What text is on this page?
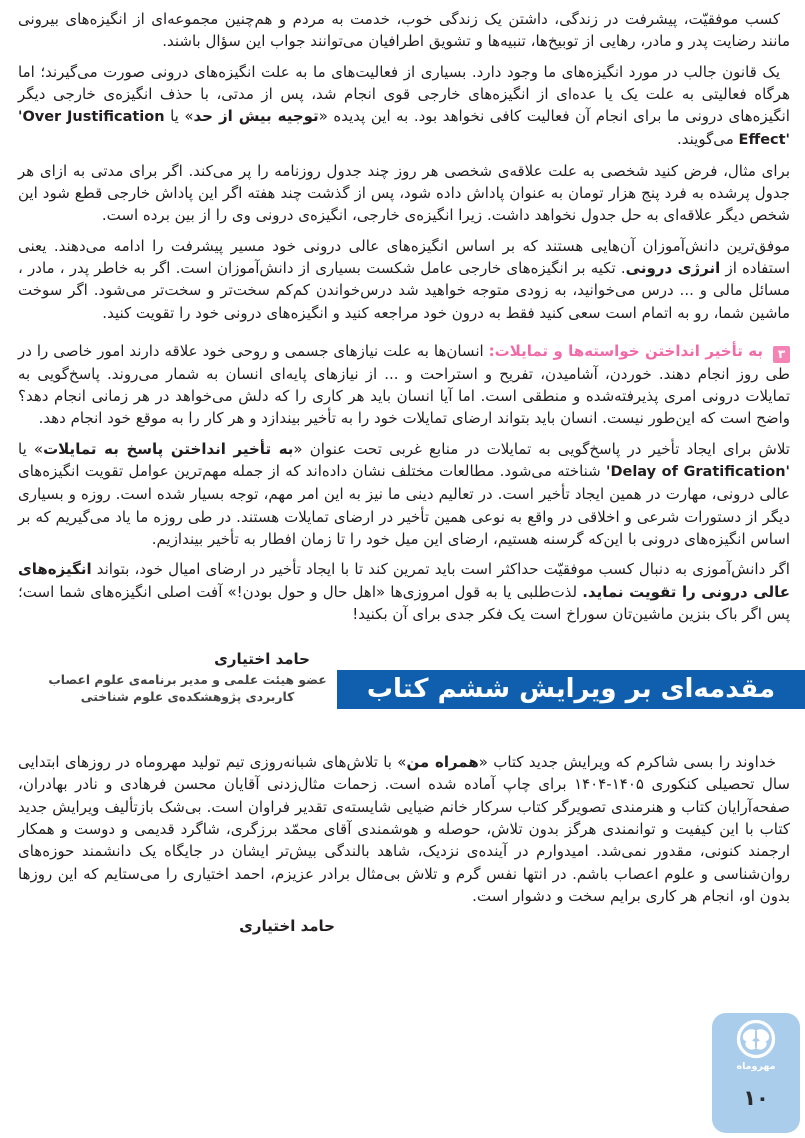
کسب موفقیّت، پیشرفت در زندگی، داشتن یک زندگی خوب، خدمت به مردم و هم‌چنین مجموعه‌ای از انگیزه‌های بیرونی مانند رضایت پدر و مادر، رهایی از توبیخ‌ها، تنبیه‌ها و تشویق اطرافیان می‌توانند جواب این سؤال باشند.

یک قانون جالب در مورد انگیزه‌های ما وجود دارد. بسیاری از فعالیت‌های ما به علت انگیزه‌های درونی صورت می‌گیرند؛ اما هرگاه فعالیتی به علت یک یا عده‌ای از انگیزه‌های خارجی قوی انجام شد، پس از مدتی، با حذف انگیزه‌ی خارجی دیگر انگیزه‌های درونی ما برای انجام آن فعالیت کافی نخواهد بود. به این پدیده «توجیه بیش از حد» یا 'Over Justification Effect' می‌گویند.

برای مثال، فرض کنید شخصی به علت علاقه‌ی شخصی هر روز چند جدول روزنامه را پر می‌کند. اگر برای مدتی به ازای هر جدول پرشده به فرد پنج هزار تومان به عنوان پاداش داده شود، پس از گذشت چند هفته اگر این پاداش خارجی قطع شود این شخص دیگر علاقه‌ای به حل جدول نخواهد داشت. زیرا انگیزه‌ی خارجی، انگیزه‌ی درونی وی را از بین برده است.

موفق‌ترین دانش‌آموزان آن‌هایی هستند که بر اساس انگیزه‌های عالی درونی خود مسیر پیشرفت را ادامه می‌دهند. یعنی استفاده از انرژی درونی. تکیه بر انگیزه‌های خارجی عامل شکست بسیاری از دانش‌آموزان است. اگر به خاطر پدر ، مادر ، مسائل مالی و ... درس می‌خوانید، به زودی متوجه خواهید شد درس‌خواندن کم‌کم سخت‌تر و سخت‌تر می‌شود. اگر سوخت ماشین شما، رو به اتمام است سعی کنید فقط به درون خود مراجعه کنید و انگیزه‌های درونی خود را تقویت کنید.

۳ به تأخیر انداختن خواسته‌ها و تمایلات: انسان‌ها به علت نیازهای جسمی و روحی خود علاقه دارند امور خاصی را در طی روز انجام دهند. خوردن، آشامیدن، تفریح و استراحت و ... از نیازهای پایه‌ای انسان به شمار می‌روند. پاسخ‌گویی به تمایلات درونی امری پذیرفته‌شده و منطقی است. اما آیا انسان باید هر کاری را که دلش می‌خواهد در هر زمانی انجام دهد؟ واضح است که این‌طور نیست. انسان باید بتواند ارضای تمایلات خود را به تأخیر بیندازد و هر کار را به موقع خود انجام دهد.

تلاش برای ایجاد تأخیر در پاسخ‌گویی به تمایلات در منابع غربی تحت عنوان «به تأخیر انداختن پاسخ به تمایلات» یا 'Delay of Gratification' شناخته می‌شود. مطالعات مختلف نشان داده‌اند که از جمله مهم‌ترین عوامل تقویت انگیزه‌های عالی درونی، مهارت در همین ایجاد تأخیر است. در تعالیم دینی ما نیز به این امر مهم، توجه بسیار شده است. روزه و بسیاری دیگر از دستورات شرعی و اخلاقی در واقع به نوعی همین تأخیر در ارضای تمایلات هستند. در طی روزه ما یاد می‌گیریم که بر اساس انگیزه‌های درونی با این‌که گرسنه هستیم، ارضای این میل خود را تا زمان افطار به تأخیر بیندازیم.

اگر دانش‌آموزی به دنبال کسب موفقیّت حداکثر است باید تمرین کند تا با ایجاد تأخیر در ارضای امیال خود، بتواند انگیزه‌های عالی درونی را تقویت نماید. لذت‌طلبی یا به قول امروزی‌ها «اهل حال و حول بودن!» آفت اصلی انگیزه‌های شما است؛ پس اگر باک بنزین ماشین‌تان سوراخ است یک فکر جدی برای آن بکنید!

حامد اختیاری
عضو هیئت علمی و مدیر برنامه‌ی علوم اعصاب
کاربردی پژوهشکده‌ی علوم شناختی	مقدمه‌ای بر ویرایش ششم کتاب

خداوند را بسی شاکرم که ویرایش جدید کتاب «همراه من» با تلاش‌های شبانه‌روزی تیم تولید مهروماه در روزهای ابتدایی سال تحصیلی کنکوری ۱۴۰۵-۱۴۰۴ برای چاپ آماده شده است. زحمات مثال‌زدنی آقایان محسن فرهادی و نادر بهادران، صفحه‌آرایان کتاب و هنرمندی تصویرگر کتاب سرکار خانم ضیایی شایسته‌ی تقدیر فراوان است. بی‌شک بازتألیف ویرایش جدید کتاب با این کیفیت و توانمندی هرگز بدون تلاش، حوصله و هوشمندی آقای محمّد برزگری، شاگرد قدیمی و دوست و همکار ارجمند کنونی، مقدور نمی‌شد. امیدوارم در آینده‌ی نزدیک، شاهد بالندگی بیش‌تر ایشان در جایگاه یک دانشمند حوزه‌های روان‌شناسی و علوم اعصاب باشم. در انتها نفس گرم و تلاش بی‌مثال برادر عزیزم، احمد اختیاری را می‌ستایم که این روزها بدون او، انجام هر کاری برایم سخت و دشوار است.

حامد اختیاری
مهروماه
۱۰
